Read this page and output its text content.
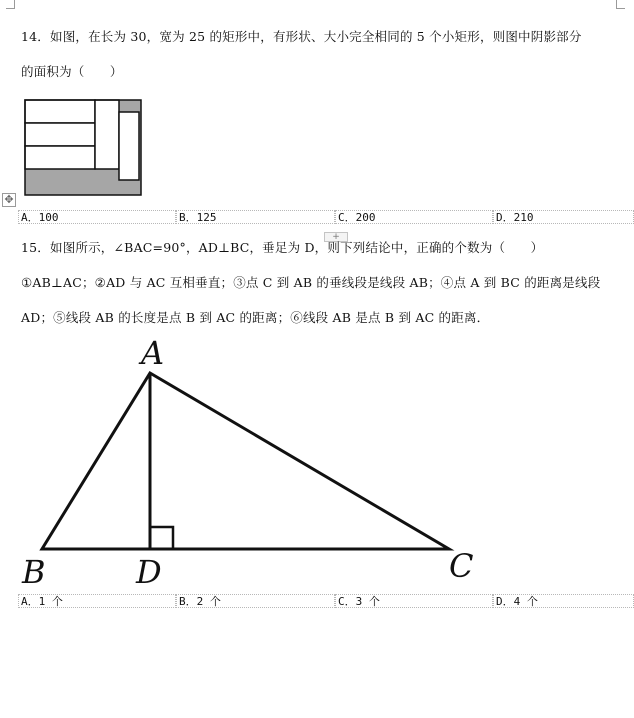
14．如图，在长为 30，宽为 25 的矩形中，有形状、大小完全相同的 5 个小矩形，则图中阴影部分
的面积为（　　）
✥
A．100	B．125	C．200	D．210
+
15．如图所示，∠BAC=90°，AD⊥BC，垂足为 D，则下列结论中，正确的个数为（　　）
①AB⊥AC；②AD 与 AC 互相垂直；③点 C 到 AB 的垂线段是线段 AB；④点 A 到 BC 的距离是线段
AD；⑤线段 AB 的长度是点 B 到 AC 的距离；⑥线段 AB 是点 B 到 AC 的距离．
A
B	D	C
A．1 个	B．2 个	C．3 个	D．4 个
